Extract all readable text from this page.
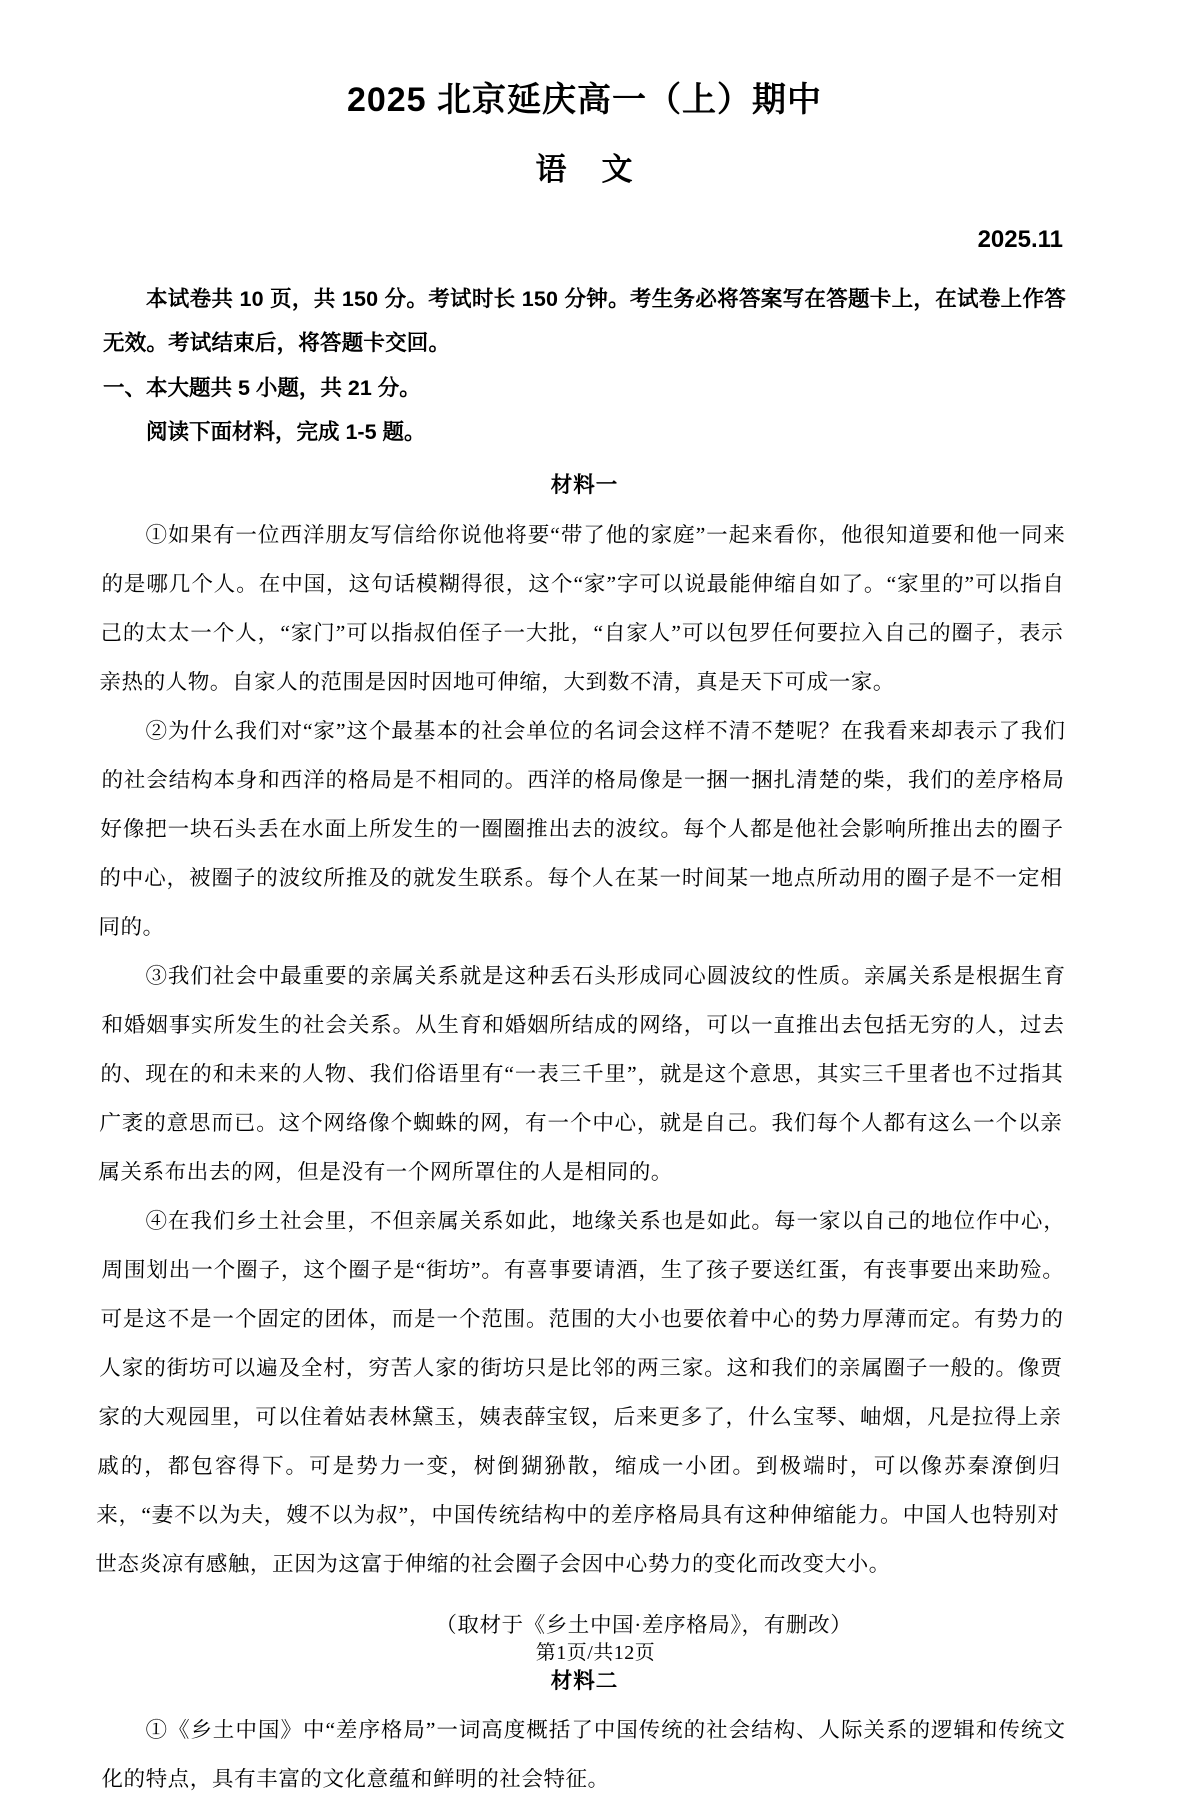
2025 北京延庆高一（上）期中
语 文

2025.11

本试卷共 10 页，共 150 分。考试时长 150 分钟。考生务必将答案写在答题卡上，在试卷上作答无效。考试结束后，将答题卡交回。

一、本大题共 5 小题，共 21 分。

阅读下面材料，完成 1-5 题。

材料一

①如果有一位西洋朋友写信给你说他将要“带了他的家庭”一起来看你，他很知道要和他一同来的是哪几个人。在中国，这句话模糊得很，这个“家”字可以说最能伸缩自如了。“家里的”可以指自己的太太一个人，“家门”可以指叔伯侄子一大批，“自家人”可以包罗任何要拉入自己的圈子，表示亲热的人物。自家人的范围是因时因地可伸缩，大到数不清，真是天下可成一家。

②为什么我们对“家”这个最基本的社会单位的名词会这样不清不楚呢？在我看来却表示了我们的社会结构本身和西洋的格局是不相同的。西洋的格局像是一捆一捆扎清楚的柴，我们的差序格局好像把一块石头丢在水面上所发生的一圈圈推出去的波纹。每个人都是他社会影响所推出去的圈子的中心，被圈子的波纹所推及的就发生联系。每个人在某一时间某一地点所动用的圈子是不一定相同的。

③我们社会中最重要的亲属关系就是这种丢石头形成同心圆波纹的性质。亲属关系是根据生育和婚姻事实所发生的社会关系。从生育和婚姻所结成的网络，可以一直推出去包括无穷的人，过去的、现在的和未来的人物、我们俗语里有“一表三千里”，就是这个意思，其实三千里者也不过指其广袤的意思而已。这个网络像个蜘蛛的网，有一个中心，就是自己。我们每个人都有这么一个以亲属关系布出去的网，但是没有一个网所罩住的人是相同的。

④在我们乡土社会里，不但亲属关系如此，地缘关系也是如此。每一家以自己的地位作中心，周围划出一个圈子，这个圈子是“街坊”。有喜事要请酒，生了孩子要送红蛋，有丧事要出来助殓。可是这不是一个固定的团体，而是一个范围。范围的大小也要依着中心的势力厚薄而定。有势力的人家的街坊可以遍及全村，穷苦人家的街坊只是比邻的两三家。这和我们的亲属圈子一般的。像贾家的大观园里，可以住着姑表林黛玉，姨表薛宝钗，后来更多了，什么宝琴、岫烟，凡是拉得上亲戚的，都包容得下。可是势力一变，树倒猢狲散，缩成一小团。到极端时，可以像苏秦潦倒归来，“妻不以为夫，嫂不以为叔”，中国传统结构中的差序格局具有这种伸缩能力。中国人也特别对世态炎凉有感触，正因为这富于伸缩的社会圈子会因中心势力的变化而改变大小。

（取材于《乡土中国·差序格局》，有删改）

材料二

①《乡土中国》中“差序格局”一词高度概括了中国传统的社会结构、人际关系的逻辑和传统文化的特点，具有丰富的文化意蕴和鲜明的社会特征。

第1页/共12页
